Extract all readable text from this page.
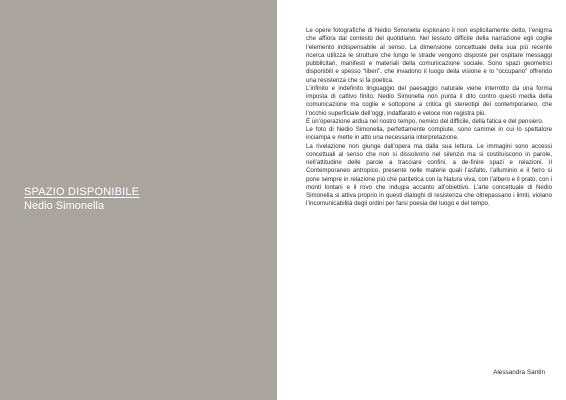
SPAZIO DISPONIBILE
Nedio Simonella

Le opere fotografiche di Nedio Simonella esplorano il non esplicitamente detto, l’enigma che affiora dal contesto del quotidiano. Nel tessuto difficile della narrazione egli coglie l’elemento indispensabile al senso. La dimensione concettuale della sua più recente ricerca utilizza le strutture che lungo le strade vengono disposte per ospitare messaggi pubblicitari, manifesti e materiali della comunicazione sociale. Sono spazi geometrici disponibili e spesso “liberi”, che invadono il luogo della visione e lo “occupano” offrendo una resistenza che si fa poetica.

L’infinito e indefinito linguaggio del paesaggio naturale viene interrotto da una forma imposta di cattivo finito. Nedio Simonella non punta il dito contro questi media della comunicazione ma coglie e sottopone a critica gli stereotipi del contemporaneo, che l’occhio superficiale dell’oggi, indaffarato e veloce non registra più.

È un’operazione ardua nel nostro tempo, nemico del difficile, della fatica e del pensiero.

Le foto di Nedio Simonella, perfettamente compiute, sono cammei in cui lo spettatore inciampa e mette in atto una necessaria interpretazione.

La rivelazione non giunge dall’opera ma dalla sua lettura. Le immagini sono accessi concettuali al senso che non si dissolvono nel silenzio ma si costituiscono in parole, nell’attitudine delle parole a tracciare confini, a de-finire spazi e relazioni. Il Contemporaneo antropico, presente nelle materie quali l’asfalto, l’alluminio e il ferro si pone sempre in relazione più che paritetica con la Natura viva, con l’albero e il prato, con i monti lontani e il rovo che indugia accanto all’obiettivo. L’arte concettuale di Nedio Simonella si attiva proprio in questi dialoghi di resistenza che oltrepassano i limiti, violano l’incomunicabilità degli ordini per farsi poesia del luogo e del tempo.

Alessandra Santin
